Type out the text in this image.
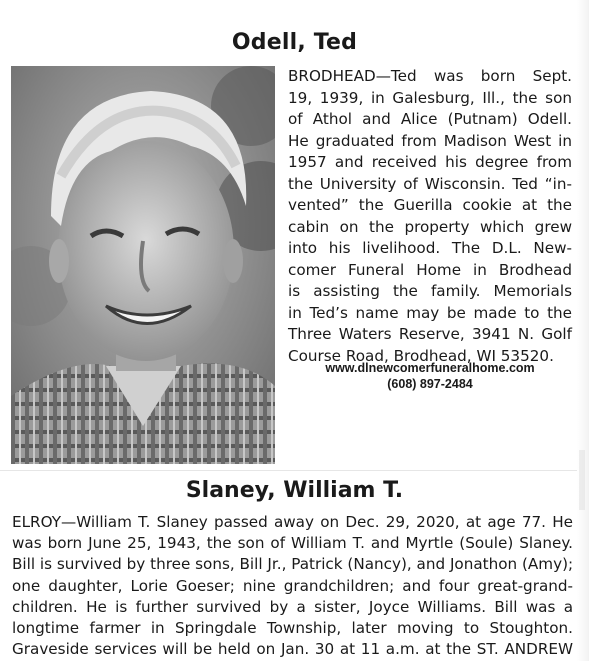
Odell, Ted
BRODHEAD—Ted was born Sept.
19, 1939, in Galesburg, Ill., the son
of Athol and Alice (Putnam) Odell.
He graduated from Madison West in
1957 and received his degree from
the University of Wisconsin. Ted “in-
vented” the Guerilla cookie at the
cabin on the property which grew
into his livelihood. The D.L. New-
comer Funeral Home in Brodhead
is assisting the family. Memorials
in Ted’s name may be made to the
Three Waters Reserve, 3941 N. Golf
Course Road, Brodhead, WI 53520.
www.dlnewcomerfuneralhome.com
(608) 897-2484
Slaney, William T.
ELROY—William T. Slaney passed away on Dec. 29, 2020, at age 77. He
was born June 25, 1943, the son of William T. and Myrtle (Soule) Slaney.
Bill is survived by three sons, Bill Jr., Patrick (Nancy), and Jonathon (Amy);
one daughter, Lorie Goeser; nine grandchildren; and four great-grand-
children. He is further survived by a sister, Joyce Williams. Bill was a
longtime farmer in Springdale Township, later moving to Stoughton.
Graveside services will be held on Jan. 30 at 11 a.m. at the ST. ANDREW
